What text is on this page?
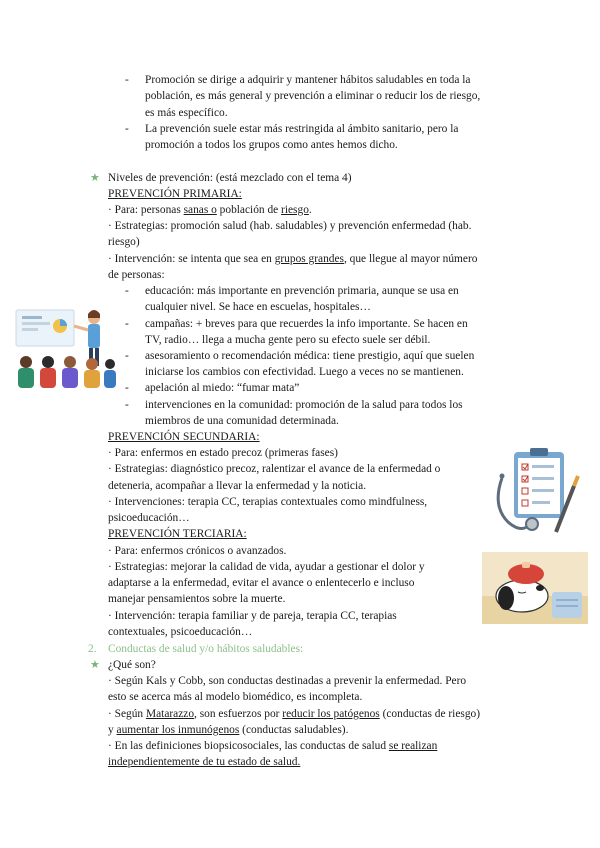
- Promoción se dirige a adquirir y mantener hábitos saludables en toda la
población, es más general y prevención a eliminar o reducir los de riesgo,
es más específico.
- La prevención suele estar más restringida al ámbito sanitario, pero la
promoción a todos los grupos como antes hemos dicho.
★ Niveles de prevención: (está mezclado con el tema 4)
PREVENCIÓN PRIMARIA:
· Para: personas sanas o población de riesgo.
· Estrategias: promoción salud (hab. saludables) y prevención enfermedad (hab.
riesgo)
· Intervención: se intenta que sea en grupos grandes, que llegue al mayor número
de personas:
- educación: más importante en prevención primaria, aunque se usa en
cualquier nivel. Se hace en escuelas, hospitales…
- campañas: + breves para que recuerdes la info importante. Se hacen en
TV, radio… llega a mucha gente pero su efecto suele ser débil.
- asesoramiento o recomendación médica: tiene prestigio, aquí que suelen
iniciarse los cambios con efectividad. Luego a veces no se mantienen.
- apelación al miedo: “fumar mata”
- intervenciones en la comunidad: promoción de la salud para todos los
miembros de una comunidad determinada.
PREVENCIÓN SECUNDARIA:
· Para: enfermos en estado precoz (primeras fases)
· Estrategias: diagnóstico precoz, ralentizar el avance de la enfermedad o
deteneria, acompañar a llevar la enfermedad y la noticia.
· Intervenciones: terapia CC, terapias contextuales como mindfulness,
psicoeducación…
PREVENCIÓN TERCIARIA:
· Para: enfermos crónicos o avanzados.
· Estrategias: mejorar la calidad de vida, ayudar a gestionar el dolor y
adaptarse a la enfermedad, evitar el avance o enlentecerlo e incluso
manejar pensamientos sobre la muerte.
· Intervención: terapia familiar y de pareja, terapia CC, terapias
contextuales, psicoeducación…
2. Conductas de salud y/o hábitos saludables:
★ ¿Qué son?
· Según Kals y Cobb, son conductas destinadas a prevenir la enfermedad. Pero
esto se acerca más al modelo biomédico, es incompleta.
· Según Matarazzo, son esfuerzos por reducir los patógenos (conductas de riesgo)
y aumentar los inmunógenos (conductas saludables).
· En las definiciones biopsicosociales, las conductas de salud se realizan
independientemente de tu estado de salud.
